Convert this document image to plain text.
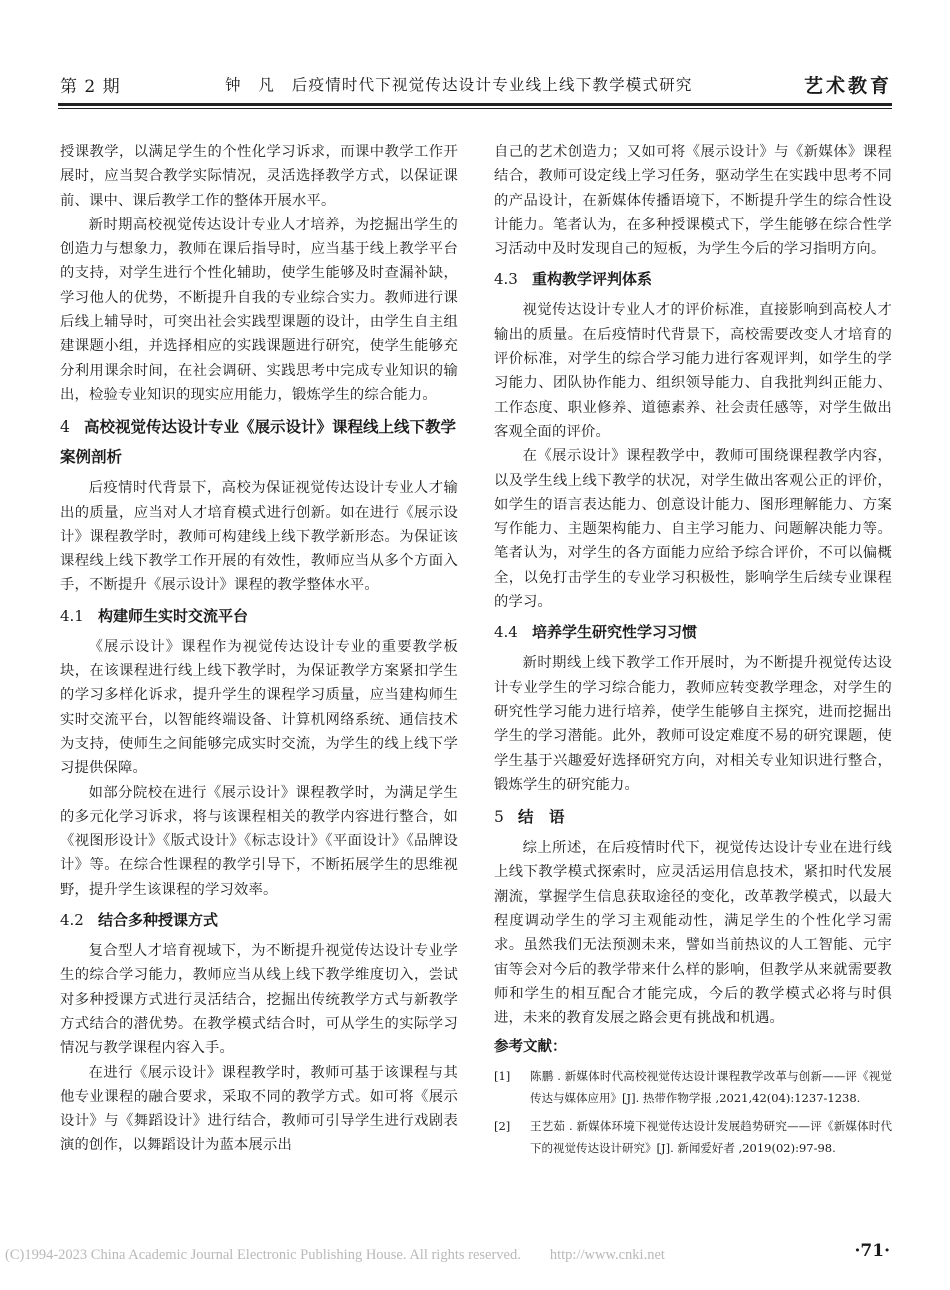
第 2 期	钟　凡　后疫情时代下视觉传达设计专业线上线下教学模式研究	艺术教育

授课教学，以满足学生的个性化学习诉求，而课中教学工作开展时，应当契合教学实际情况，灵活选择教学方式，以保证课前、课中、课后教学工作的整体开展水平。

新时期高校视觉传达设计专业人才培养，为挖掘出学生的创造力与想象力，教师在课后指导时，应当基于线上教学平台的支持，对学生进行个性化辅助，使学生能够及时查漏补缺，学习他人的优势，不断提升自我的专业综合实力。教师进行课后线上辅导时，可突出社会实践型课题的设计，由学生自主组建课题小组，并选择相应的实践课题进行研究，使学生能够充分利用课余时间，在社会调研、实践思考中完成专业知识的输出，检验专业知识的现实应用能力，锻炼学生的综合能力。

4 高校视觉传达设计专业《展示设计》课程线上线下教学案例剖析

后疫情时代背景下，高校为保证视觉传达设计专业人才输出的质量，应当对人才培育模式进行创新。如在进行《展示设计》课程教学时，教师可构建线上线下教学新形态。为保证该课程线上线下教学工作开展的有效性，教师应当从多个方面入手，不断提升《展示设计》课程的教学整体水平。

4.1 构建师生实时交流平台

《展示设计》课程作为视觉传达设计专业的重要教学板块，在该课程进行线上线下教学时，为保证教学方案紧扣学生的学习多样化诉求，提升学生的课程学习质量，应当建构师生实时交流平台，以智能终端设备、计算机网络系统、通信技术为支持，使师生之间能够完成实时交流，为学生的线上线下学习提供保障。

如部分院校在进行《展示设计》课程教学时，为满足学生的多元化学习诉求，将与该课程相关的教学内容进行整合，如《视图形设计》《版式设计》《标志设计》《平面设计》《品牌设计》等。在综合性课程的教学引导下，不断拓展学生的思维视野，提升学生该课程的学习效率。

4.2 结合多种授课方式

复合型人才培育视域下，为不断提升视觉传达设计专业学生的综合学习能力，教师应当从线上线下教学维度切入，尝试对多种授课方式进行灵活结合，挖掘出传统教学方式与新教学方式结合的潜优势。在教学模式结合时，可从学生的实际学习情况与教学课程内容入手。

在进行《展示设计》课程教学时，教师可基于该课程与其他专业课程的融合要求，采取不同的教学方式。如可将《展示设计》与《舞蹈设计》进行结合，教师可引导学生进行戏剧表演的创作，以舞蹈设计为蓝本展示出

自己的艺术创造力；又如可将《展示设计》与《新媒体》课程结合，教师可设定线上学习任务，驱动学生在实践中思考不同的产品设计，在新媒体传播语境下，不断提升学生的综合性设计能力。笔者认为，在多种授课模式下，学生能够在综合性学习活动中及时发现自己的短板，为学生今后的学习指明方向。

4.3 重构教学评判体系

视觉传达设计专业人才的评价标准，直接影响到高校人才输出的质量。在后疫情时代背景下，高校需要改变人才培育的评价标准，对学生的综合学习能力进行客观评判，如学生的学习能力、团队协作能力、组织领导能力、自我批判纠正能力、工作态度、职业修养、道德素养、社会责任感等，对学生做出客观全面的评价。

在《展示设计》课程教学中，教师可围绕课程教学内容，以及学生线上线下教学的状况，对学生做出客观公正的评价，如学生的语言表达能力、创意设计能力、图形理解能力、方案写作能力、主题架构能力、自主学习能力、问题解决能力等。笔者认为，对学生的各方面能力应给予综合评价，不可以偏概全，以免打击学生的专业学习积极性，影响学生后续专业课程的学习。

4.4 培养学生研究性学习习惯

新时期线上线下教学工作开展时，为不断提升视觉传达设计专业学生的学习综合能力，教师应转变教学理念，对学生的研究性学习能力进行培养，使学生能够自主探究，进而挖掘出学生的学习潜能。此外，教师可设定难度不易的研究课题，使学生基于兴趣爱好选择研究方向，对相关专业知识进行整合，锻炼学生的研究能力。

5 结　语

综上所述，在后疫情时代下，视觉传达设计专业在进行线上线下教学模式探索时，应灵活运用信息技术，紧扣时代发展潮流，掌握学生信息获取途径的变化，改革教学模式，以最大程度调动学生的学习主观能动性，满足学生的个性化学习需求。虽然我们无法预测未来，譬如当前热议的人工智能、元宇宙等会对今后的教学带来什么样的影响，但教学从来就需要教师和学生的相互配合才能完成，今后的教学模式必将与时俱进，未来的教育发展之路会更有挑战和机遇。

参考文献：
[1]	陈鹏 . 新媒体时代高校视觉传达设计课程教学改革与创新——评《视觉传达与媒体应用》[J]. 热带作物学报 ,2021,42(04):1237-1238.
[2]	王艺茹 . 新媒体环境下视觉传达设计发展趋势研究——评《新媒体时代下的视觉传达设计研究》[J]. 新闻爱好者 ,2019(02):97-98.
(C)1994-2023 China Academic Journal Electronic Publishing House. All rights reserved.　　http://www.cnki.net	·71·
